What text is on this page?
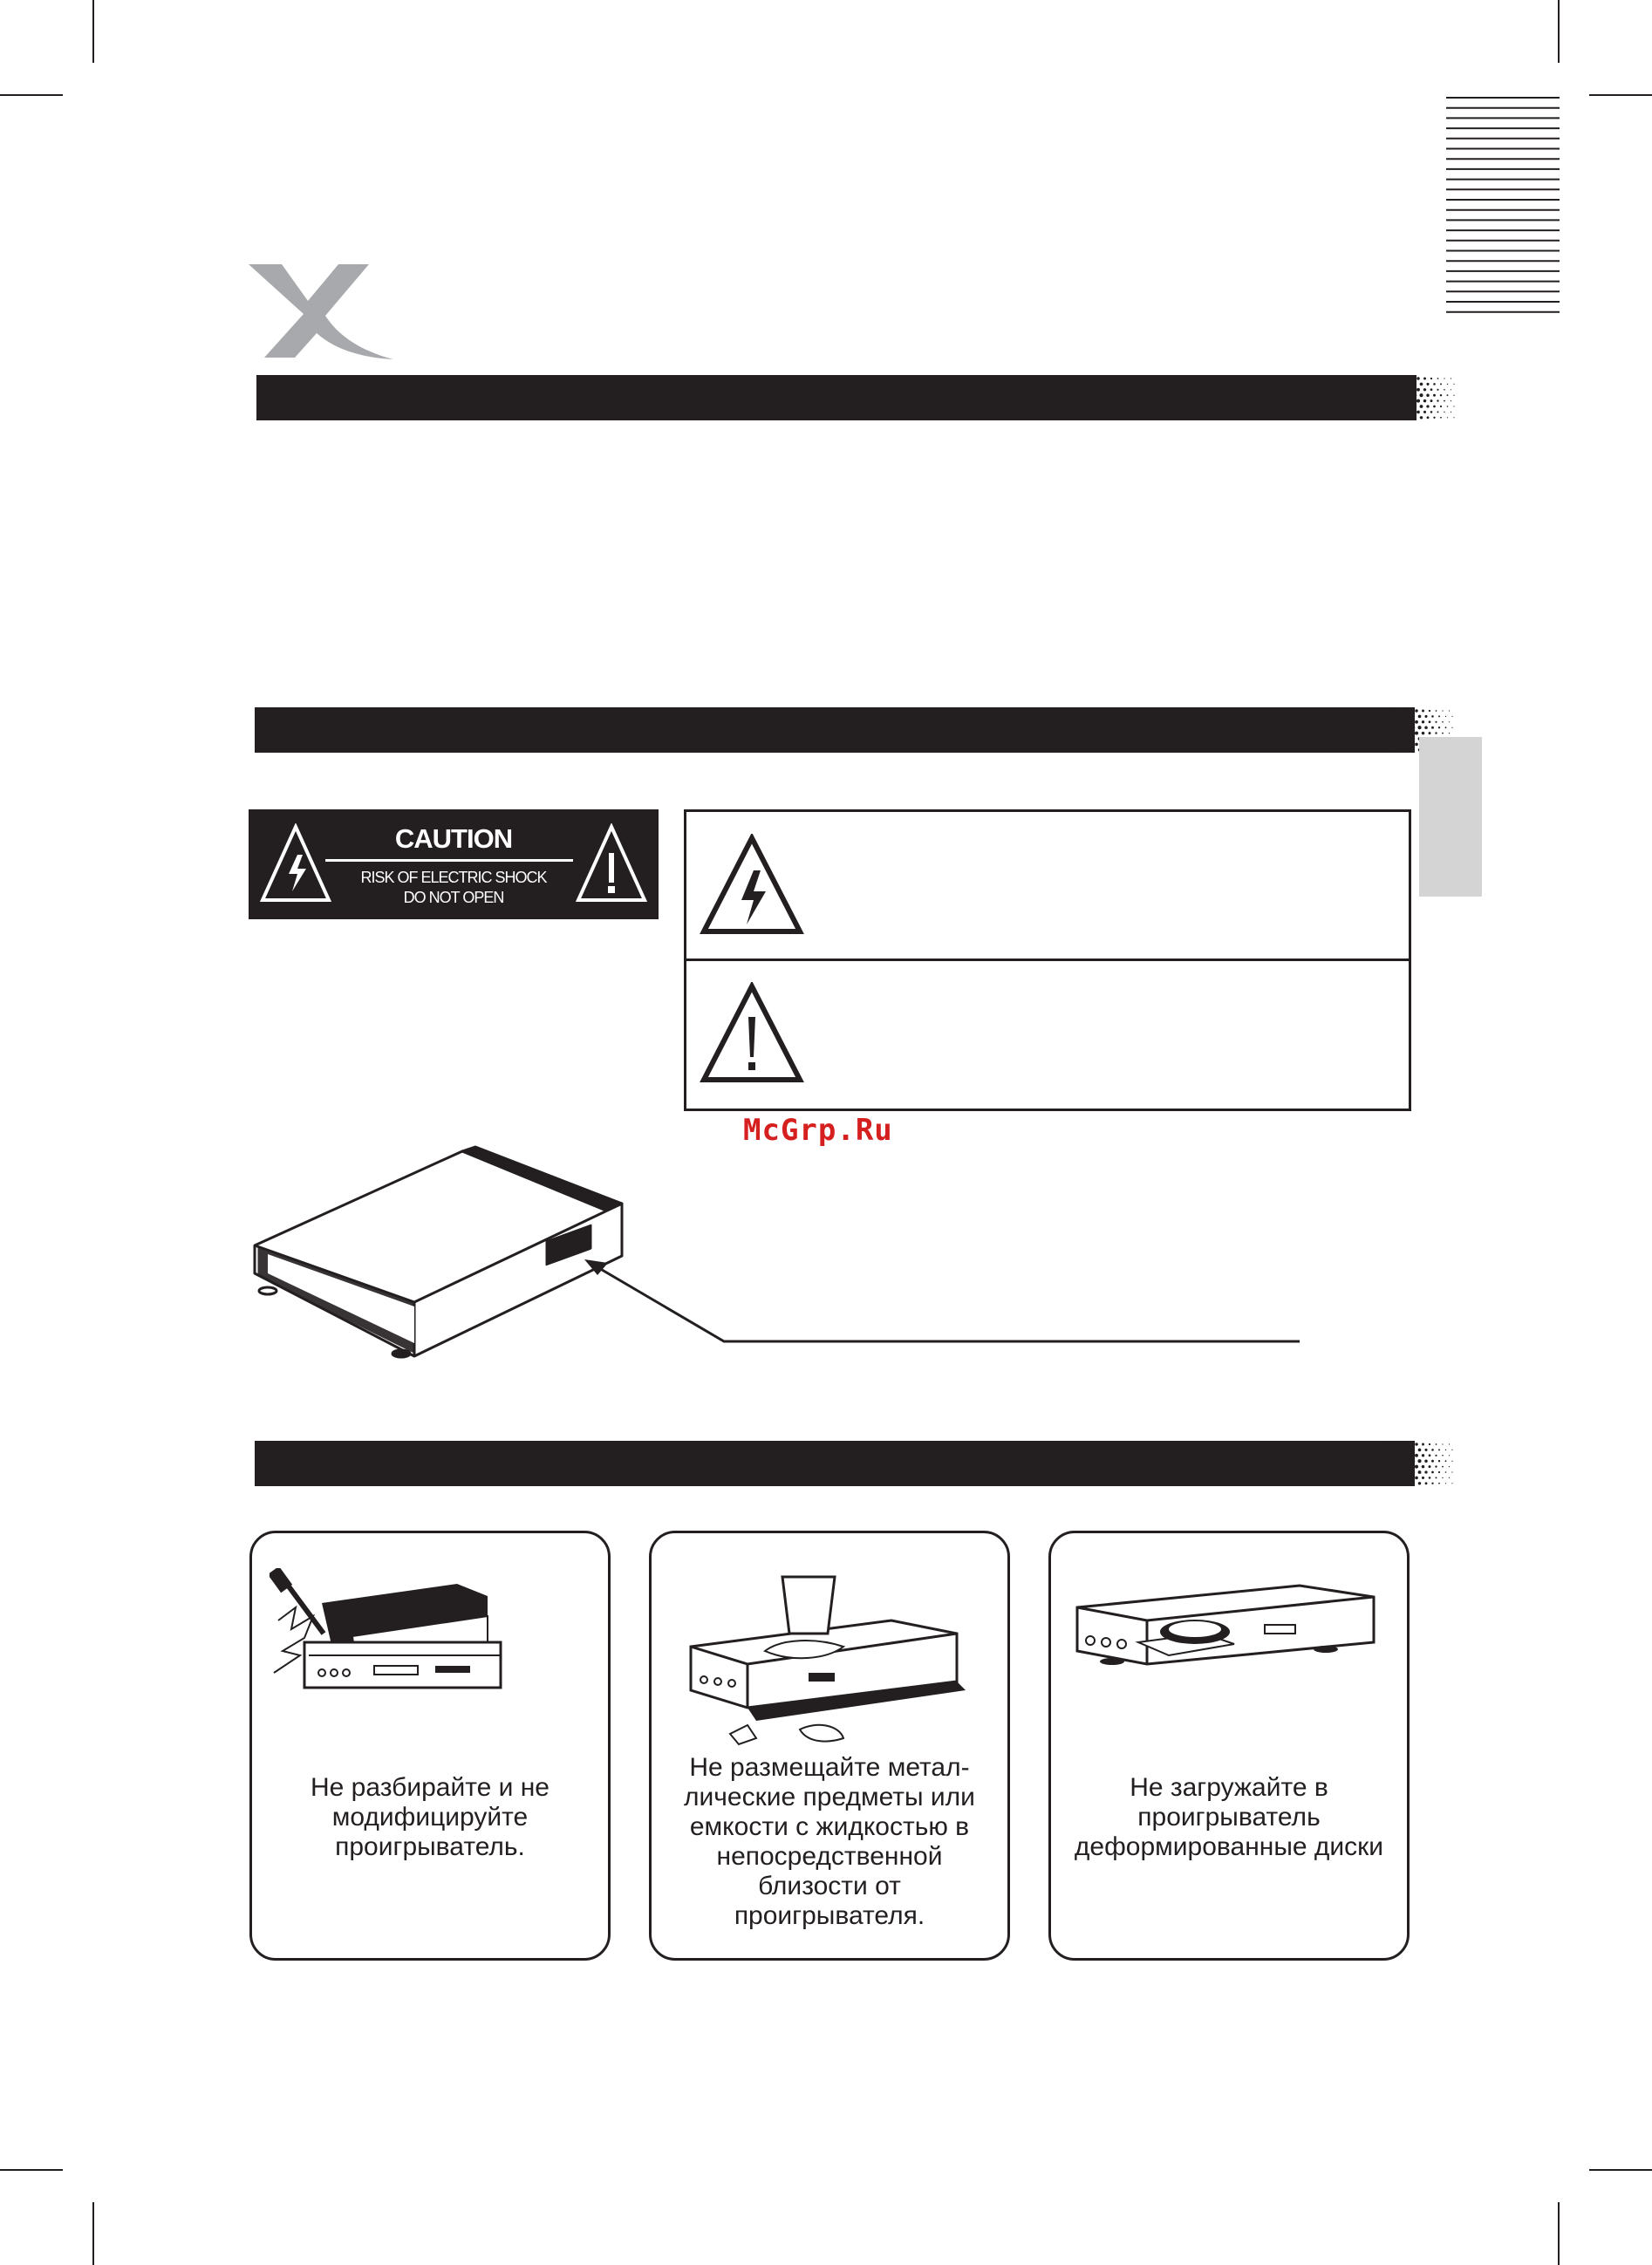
CAUTION
RISK OF ELECTRIC SHOCK
DO NOT OPEN
McGrp.Ru
Не разбирайте и не
модифицируйте
проигрыватель.
Не размещайте метал-
лические предметы или
емкости с жидкостью в
непосредственной
близости от
проигрывателя.
Не загружайте в
проигрыватель
деформированные диски
